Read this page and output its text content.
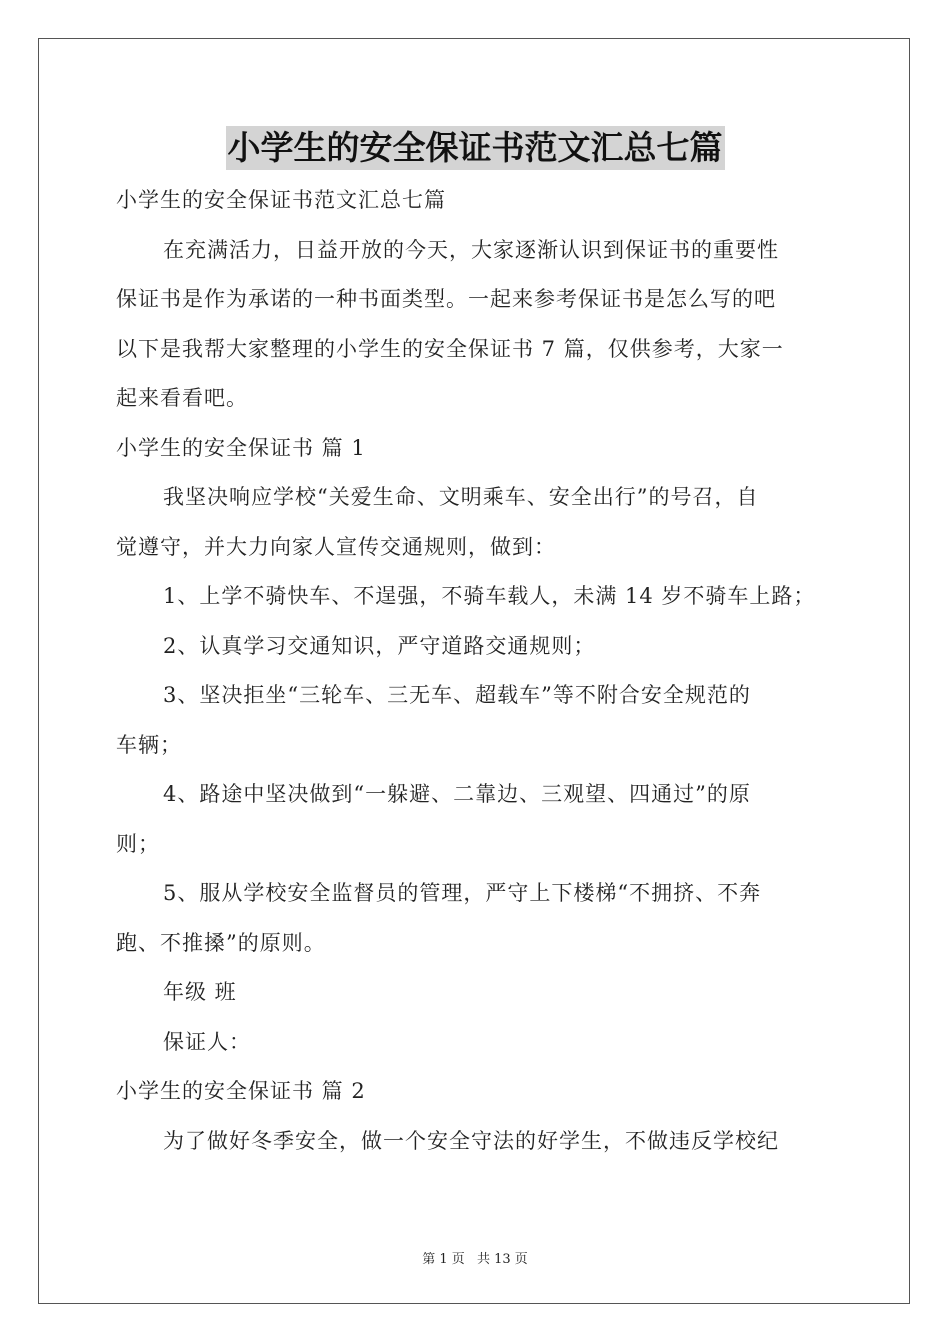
小学生的安全保证书范文汇总七篇
小学生的安全保证书范文汇总七篇
在充满活力，日益开放的今天，大家逐渐认识到保证书的重要性
保证书是作为承诺的一种书面类型。一起来参考保证书是怎么写的吧
以下是我帮大家整理的小学生的安全保证书 7 篇，仅供参考，大家一
起来看看吧。
小学生的安全保证书 篇 1
我坚决响应学校“关爱生命、文明乘车、安全出行”的号召，自
觉遵守，并大力向家人宣传交通规则，做到：
1、上学不骑快车、不逞强，不骑车载人，未满 14 岁不骑车上路；
2、认真学习交通知识，严守道路交通规则；
3、坚决拒坐“三轮车、三无车、超载车”等不附合安全规范的
车辆；
4、路途中坚决做到“一躲避、二靠边、三观望、四通过”的原
则；
5、服从学校安全监督员的管理，严守上下楼梯“不拥挤、不奔
跑、不推搡”的原则。
年级 班
保证人：
小学生的安全保证书 篇 2
为了做好冬季安全，做一个安全守法的好学生，不做违反学校纪
第 1 页 共 13 页
